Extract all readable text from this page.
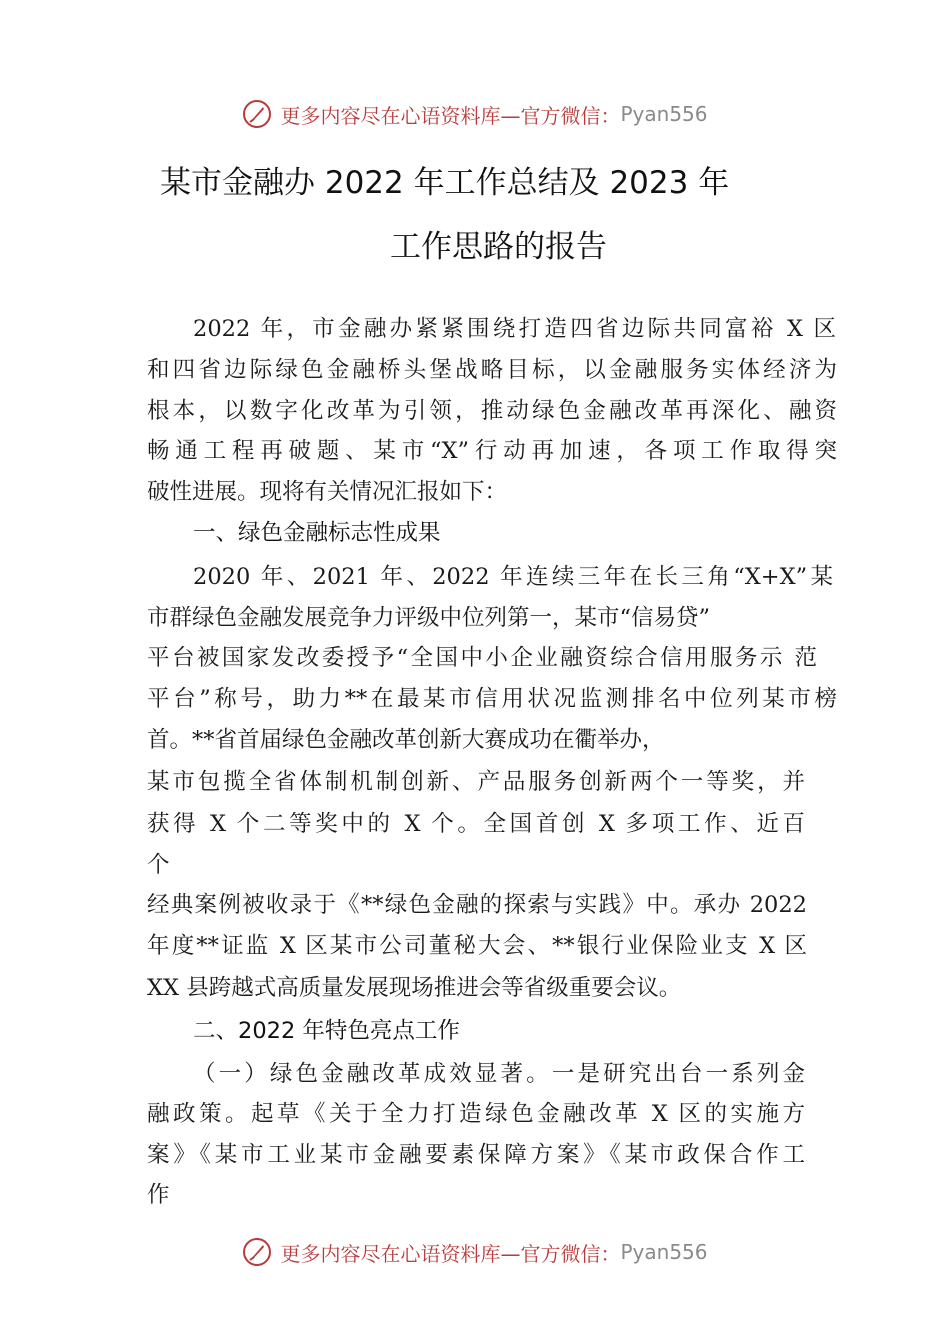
更多内容尽在心语资料库—官方微信： Pyan556
某市金融办 2022 年工作总结及 2023 年
工作思路的报告
2022 年，市金融办紧紧围绕打造四省边际共同富裕 X 区
和四省边际绿色金融桥头堡战略目标，以金融服务实体经济为
根本，以数字化改革为引领，推动绿色金融改革再深化、融资
畅通工程再破题、某市“X”行动再加速，各项工作取得突
破性进展。现将有关情况汇报如下：
一、绿色金融标志性成果
2020 年、2021 年、2022 年连续三年在长三角“X+X”某
市群绿色金融发展竞争力评级中位列第一，某市“信易贷”
平台被国家发改委授予“全国中小企业融资综合信用服务示 范
平台”称号，助力**在最某市信用状况监测排名中位列某市榜
首。**省首届绿色金融改革创新大赛成功在衢举办，
某市包揽全省体制机制创新、产品服务创新两个一等奖，并
获得 X 个二等奖中的 X 个。全国首创 X 多项工作、近百
个
经典案例被收录于《**绿色金融的探索与实践》中。承办 2022
年度**证监 X 区某市公司董秘大会、**银行业保险业支 X 区
XX 县跨越式高质量发展现场推进会等省级重要会议。
二、2022 年特色亮点工作
（一）绿色金融改革成效显著。一是研究出台一系列金
融政策。起草《关于全力打造绿色金融改革 X 区的实施方
案》《某市工业某市金融要素保障方案》《某市政保合作工
作
更多内容尽在心语资料库—官方微信： Pyan556
